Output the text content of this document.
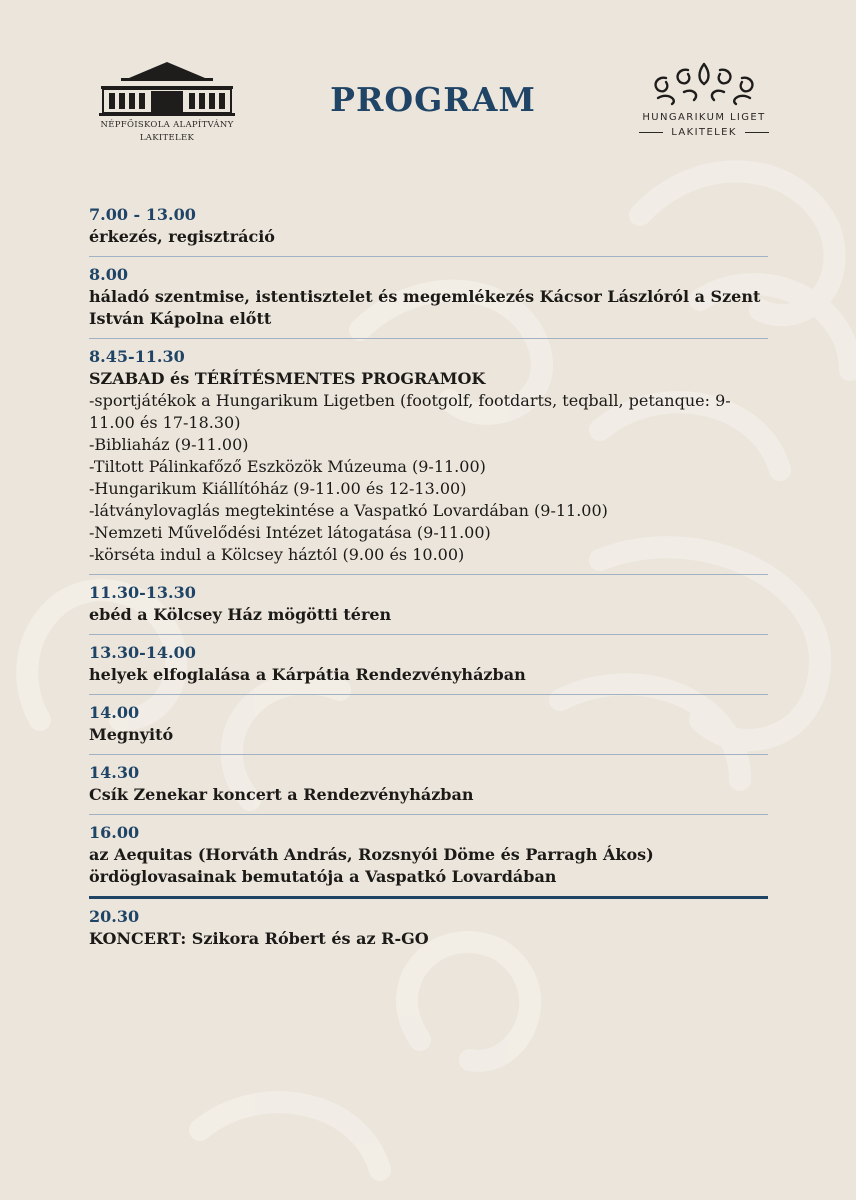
NÉPFŐISKOLA ALAPÍTVÁNY
LAKITELEK
PROGRAM	HUNGARIKUM LIGET
LAKITELEK
7.00 - 13.00
érkezés, regisztráció
8.00
háladó szentmise, istentisztelet és megemlékezés Kácsor Lászlóról a Szent István Kápolna előtt
8.45-11.30
SZABAD és TÉRÍTÉSMENTES PROGRAMOK
-sportjátékok a Hungarikum Ligetben (footgolf, footdarts, teqball, petanque: 9-11.00 és 17-18.30)
-Bibliaház (9-11.00)
-Tiltott Pálinkafőző Eszközök Múzeuma (9-11.00)
-Hungarikum Kiállítóház (9-11.00 és 12-13.00)
-látványlovaglás megtekintése a Vaspatkó Lovardában (9-11.00)
-Nemzeti Művelődési Intézet látogatása (9-11.00)
-körséta indul a Kölcsey háztól (9.00 és 10.00)
11.30-13.30
ebéd a Kölcsey Ház mögötti téren
13.30-14.00
helyek elfoglalása a Kárpátia Rendezvényházban
14.00
Megnyitó
14.30
Csík Zenekar koncert a Rendezvényházban
16.00
az Aequitas (Horváth András, Rozsnyói Döme és Parragh Ákos) ördöglovasainak bemutatója a Vaspatkó Lovardában
20.30
KONCERT: Szikora Róbert és az R-GO
